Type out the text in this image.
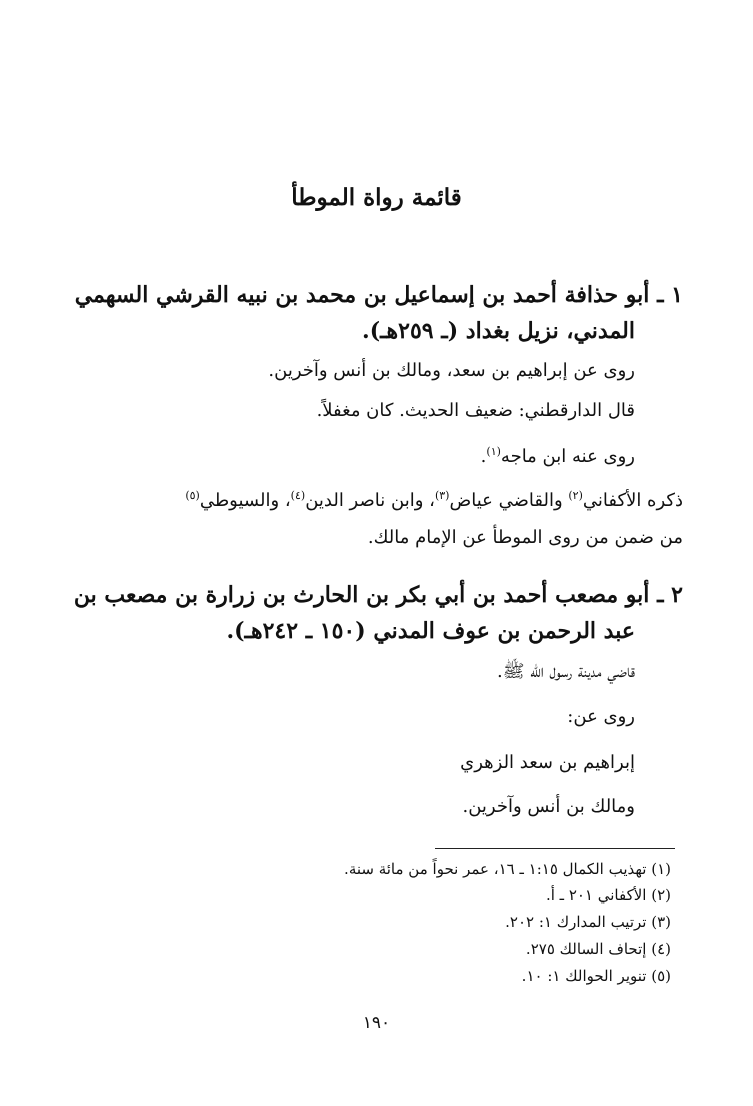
قائمة رواة الموطأ
١ ـ أبو حذافة أحمد بن إسماعيل بن محمد بن نبيه القرشي السهمي
المدني، نزيل بغداد (ـ ٢٥٩هـ).
روى عن إبراهيم بن سعد، ومالك بن أنس وآخرين.
قال الدارقطني: ضعيف الحديث. كان مغفلاً.
روى عنه ابن ماجه$^{(١)}$.
ذكره الأكفاني$^{(٢)}$ والقاضي عياض$^{(٣)}$، وابن ناصر الدين$^{(٤)}$، والسيوطي$^{(٥)}$
من ضمن من روى الموطأ عن الإمام مالك.
٢ ـ أبو مصعب أحمد بن أبي بكر بن الحارث بن زرارة بن مصعب بن
عبد الرحمن بن عوف المدني (١٥٠ ـ ٢٤٢هـ).
قاضي مدينة رسول الله ﷺ.
روى عن:
إبراهيم بن سعد الزهري
ومالك بن أنس وآخرين.
(١) تهذيب الكمال ١:١٥ ـ ١٦، عمر نحواً من مائة سنة.
(٢) الأكفاني ٢٠١ ـ أ.
(٣) ترتيب المدارك ١: ٢٠٢.
(٤) إتحاف السالك ٢٧٥.
(٥) تنوير الحوالك ١: ١٠.
١٩٠
